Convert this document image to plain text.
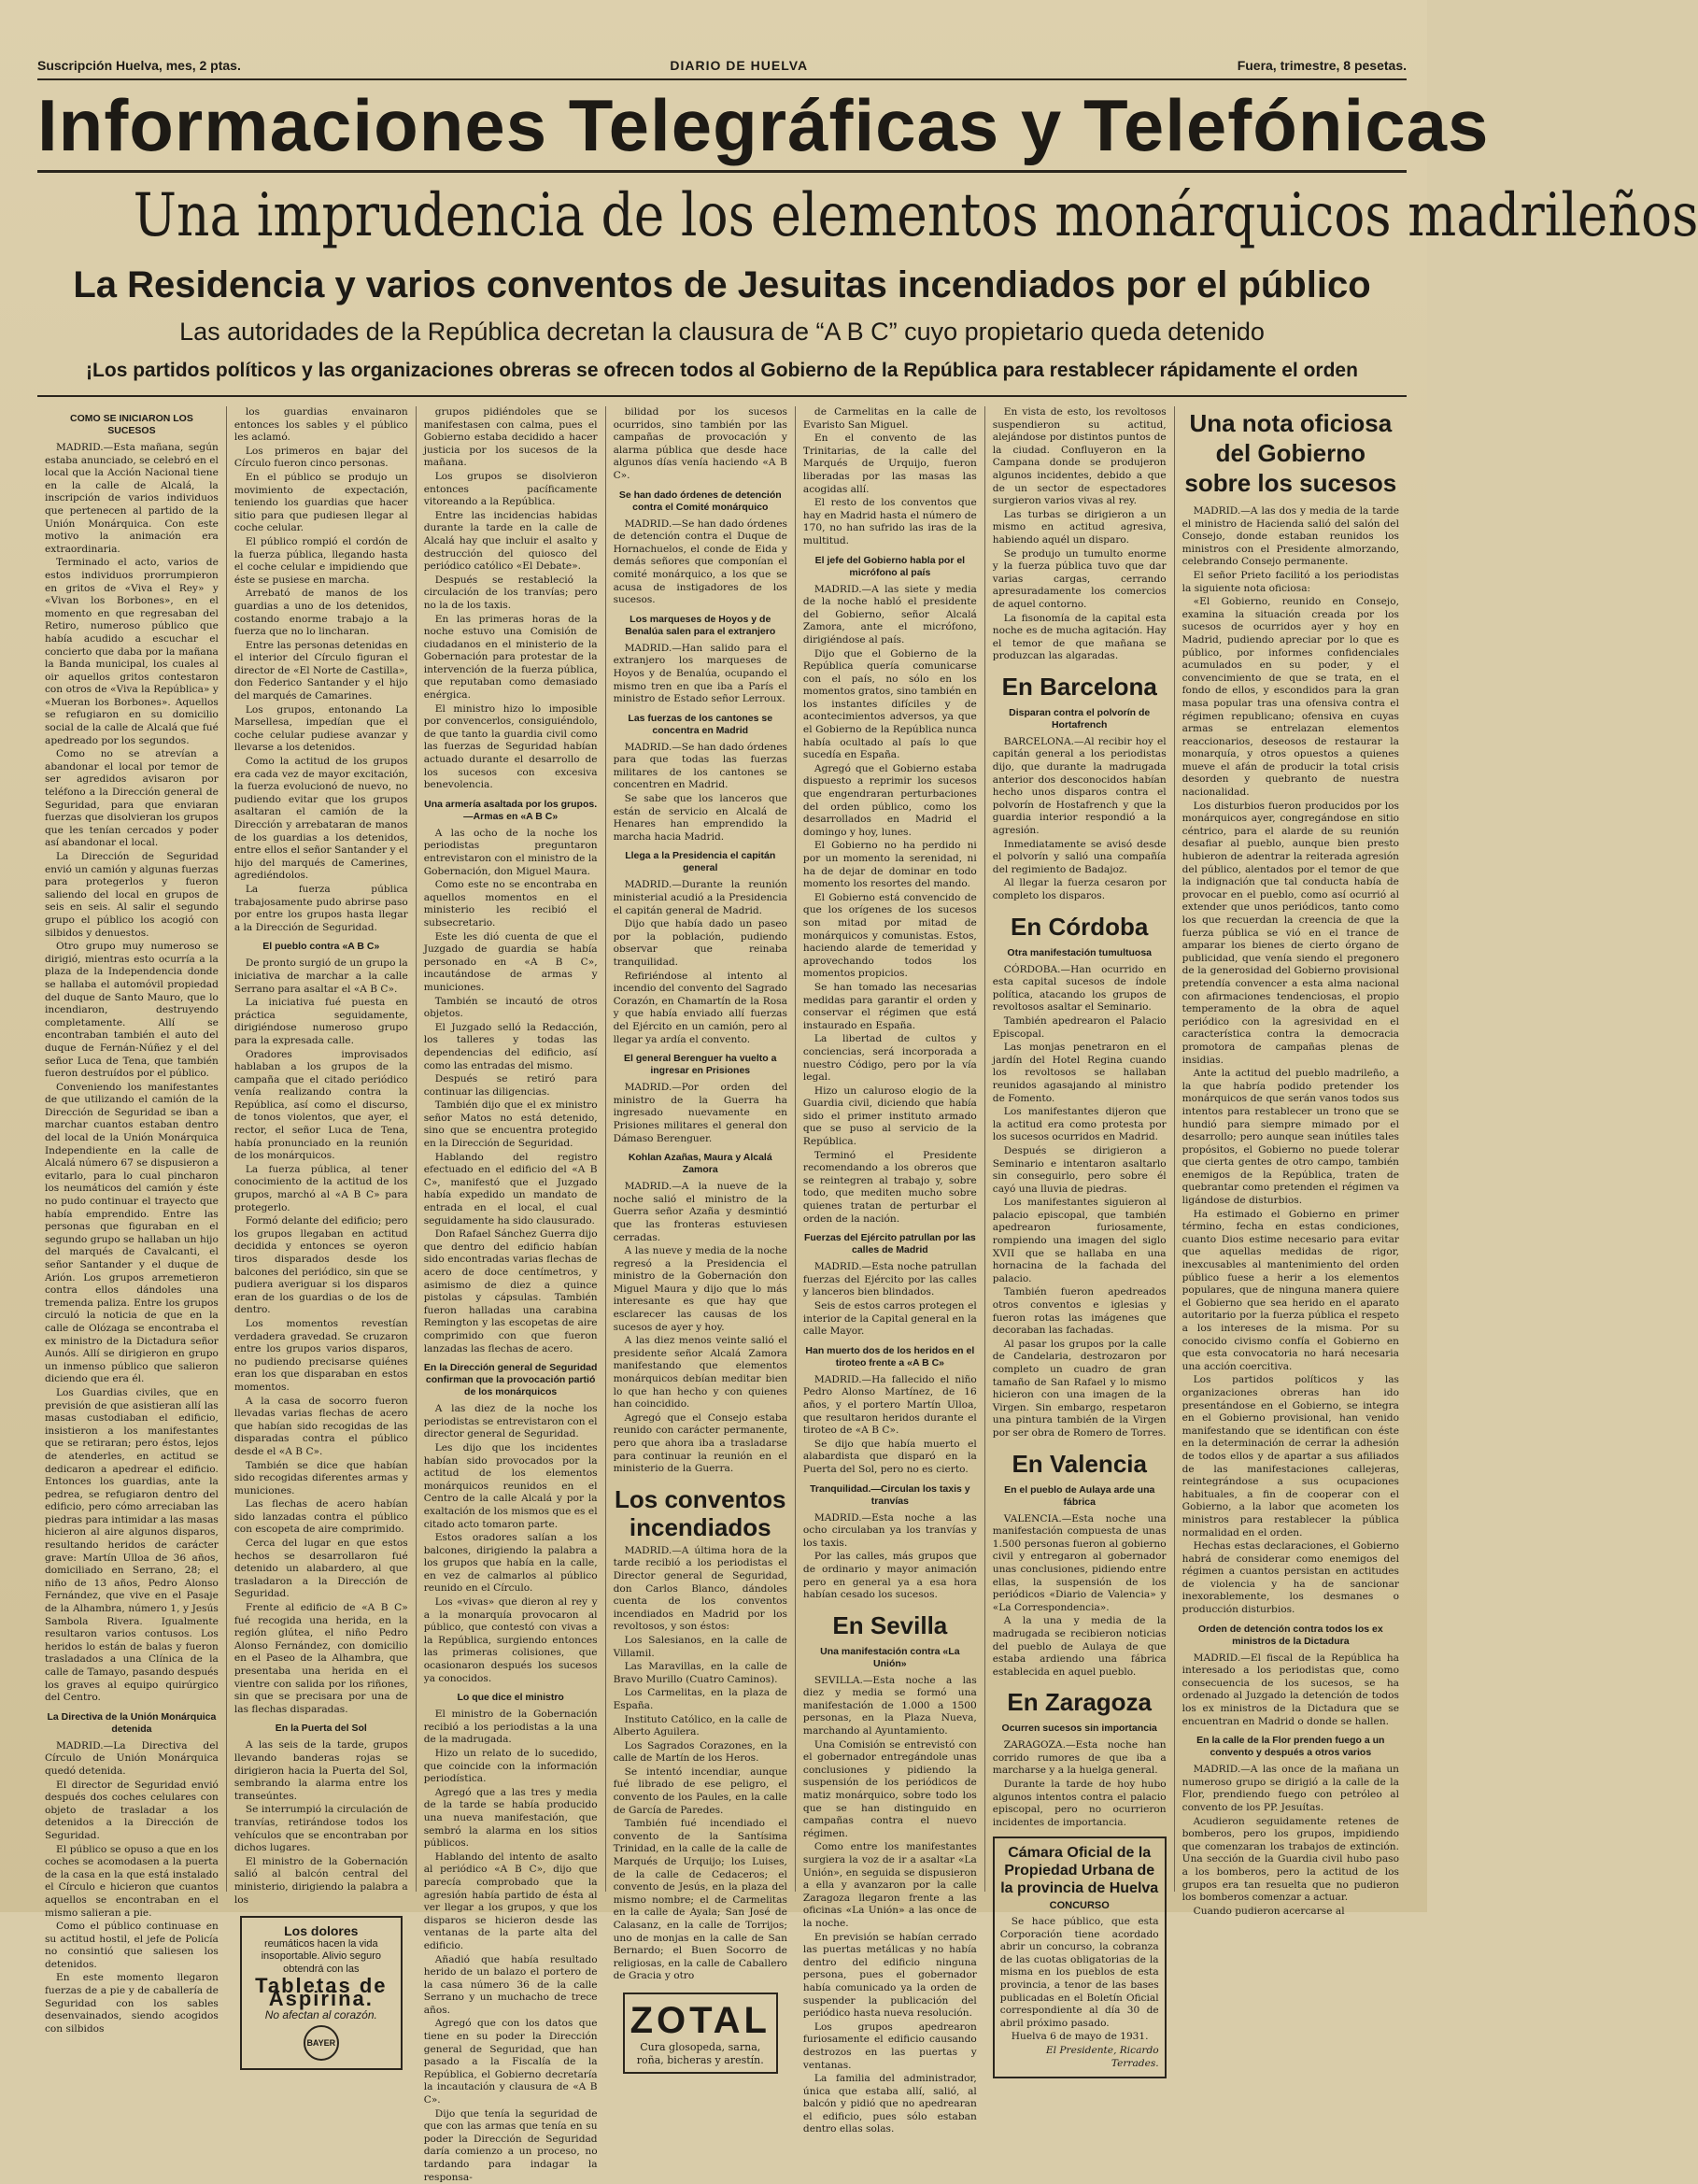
Suscripción Huelva, mes, 2 ptas.	DIARIO DE HUELVA	Fuera, trimestre, 8 pesetas.
Informaciones Telegráficas y Telefónicas
Una imprudencia de los elementos monárquicos madrileños
La Residencia y varios conventos de Jesuitas incendiados por el público
Las autoridades de la República decretan la clausura de “A B C” cuyo propietario queda detenido
¡Los partidos políticos y las organizaciones obreras se ofrecen todos al Gobierno de la República para restablecer rápidamente el orden
COMO SE INICIARON LOS SUCESOS

MADRID.—Esta mañana, según estaba anunciado, se celebró en el local que la Acción Nacional tiene en la calle de Alcalá, la inscripción de varios individuos que pertenecen al partido de la Unión Monárquica. Con este motivo la animación era extraordinaria.

Terminado el acto, varios de estos individuos prorrumpieron en gritos de «Viva el Rey» y «Vivan los Borbones», en el momento en que regresaban del Retiro, numeroso público que había acudido a escuchar el concierto que daba por la mañana la Banda municipal, los cuales al oir aquellos gritos contestaron con otros de «Viva la República» y «Mueran los Borbones». Aquellos se refugiaron en su domicilio social de la calle de Alcalá que fué apedreado por los segundos.

Como no se atrevían a abandonar el local por temor de ser agredidos avisaron por teléfono a la Dirección general de Seguridad, para que enviaran fuerzas que disolvieran los grupos que les tenían cercados y poder así abandonar el local.

La Dirección de Seguridad envió un camión y algunas fuerzas para protegerlos y fueron saliendo del local en grupos de seis en seis. Al salir el segundo grupo el público los acogió con silbidos y denuestos.

Otro grupo muy numeroso se dirigió, mientras esto ocurría a la plaza de la Independencia donde se hallaba el automóvil propiedad del duque de Santo Mauro, que lo incendiaron, destruyendo completamente. Allí se encontraban también el auto del duque de Fernán-Núñez y el del señor Luca de Tena, que también fueron destruídos por el público.

Conveniendo los manifestantes de que utilizando el camión de la Dirección de Seguridad se iban a marchar cuantos estaban dentro del local de la Unión Monárquica Independiente en la calle de Alcalá número 67 se dispusieron a evitarlo, para lo cual pincharon los neumáticos del camión y éste no pudo continuar el trayecto que había emprendido. Entre las personas que figuraban en el segundo grupo se hallaban un hijo del marqués de Cavalcanti, el señor Santander y el duque de Arión. Los grupos arremetieron contra ellos dándoles una tremenda paliza. Entre los grupos circuló la noticia de que en la calle de Olózaga se encontraba el ex ministro de la Dictadura señor Aunós. Allí se dirigieron en grupo un inmenso público que salieron diciendo que era él.

Los Guardias civiles, que en previsión de que asistieran allí las masas custodiaban el edificio, insistieron a los manifestantes que se retiraran; pero éstos, lejos de atenderles, en actitud se dedicaron a apedrear el edificio. Entonces los guardias, ante la pedrea, se refugiaron dentro del edificio, pero cómo arreciaban las piedras para intimidar a las masas hicieron al aire algunos disparos, resultando heridos de carácter grave: Martín Ulloa de 36 años, domiciliado en Serrano, 28; el niño de 13 años, Pedro Alonso Fernández, que vive en el Pasaje de la Alhambra, número 1, y Jesús Sambola Rivera. Igualmente resultaron varios contusos. Los heridos lo están de balas y fueron trasladados a una Clínica de la calle de Tamayo, pasando después los graves al equipo quirúrgico del Centro.

La Directiva de la Unión Monárquica detenida

MADRID.—La Directiva del Círculo de Unión Monárquica quedó detenida.

El director de Seguridad envió después dos coches celulares con objeto de trasladar a los detenidos a la Dirección de Seguridad.

El público se opuso a que en los coches se acomodasen a la puerta de la casa en la que está instalado el Círculo e hicieron que cuantos aquellos se encontraban en el mismo salieran a pie.

Como el público continuase en su actitud hostil, el jefe de Policía no consintió que saliesen los detenidos.

En este momento llegaron fuerzas de a pie y de caballería de Seguridad con los sables desenvainados, siendo acogidos con silbidos

los guardias envainaron entonces los sables y el público les aclamó.

Los primeros en bajar del Círculo fueron cinco personas.

En el público se produjo un movimiento de expectación, teniendo los guardias que hacer sitio para que pudiesen llegar al coche celular.

El público rompió el cordón de la fuerza pública, llegando hasta el coche celular e impidiendo que éste se pusiese en marcha.

Arrebató de manos de los guardias a uno de los detenidos, costando enorme trabajo a la fuerza que no lo lincharan.

Entre las personas detenidas en el interior del Círculo figuran el director de «El Norte de Castilla», don Federico Santander y el hijo del marqués de Camarines.

Los grupos, entonando La Marsellesa, impedían que el coche celular pudiese avanzar y llevarse a los detenidos.

Como la actitud de los grupos era cada vez de mayor excitación, la fuerza evolucionó de nuevo, no pudiendo evitar que los grupos asaltaran el camión de la Dirección y arrebataran de manos de los guardias a los detenidos, entre ellos el señor Santander y el hijo del marqués de Camerines, agrediéndolos.

La fuerza pública trabajosamente pudo abrirse paso por entre los grupos hasta llegar a la Dirección de Seguridad.

El pueblo contra «A B C»

De pronto surgió de un grupo la iniciativa de marchar a la calle Serrano para asaltar el «A B C».

La iniciativa fué puesta en práctica seguidamente, dirigiéndose numeroso grupo para la expresada calle.

Oradores improvisados hablaban a los grupos de la campaña que el citado periódico venía realizando contra la República, así como el discurso, de tonos violentos, que ayer, el rector, el señor Luca de Tena, había pronunciado en la reunión de los monárquicos.

La fuerza pública, al tener conocimiento de la actitud de los grupos, marchó al «A B C» para protegerlo.

Formó delante del edificio; pero los grupos llegaban en actitud decidida y entonces se oyeron tiros disparados desde los balcones del periódico, sin que se pudiera averiguar si los disparos eran de los guardias o de los de dentro.

Los momentos revestían verdadera gravedad. Se cruzaron entre los grupos varios disparos, no pudiendo precisarse quiénes eran los que disparaban en estos momentos.

A la casa de socorro fueron llevadas varias flechas de acero que habían sido recogidas de las disparadas contra el público desde el «A B C».

También se dice que habían sido recogidas diferentes armas y municiones.

Las flechas de acero habían sido lanzadas contra el público con escopeta de aire comprimido.

Cerca del lugar en que estos hechos se desarrollaron fué detenido un alabardero, al que trasladaron a la Dirección de Seguridad.

Frente al edificio de «A B C» fué recogida una herida, en la región glútea, el niño Pedro Alonso Fernández, con domicilio en el Paseo de la Alhambra, que presentaba una herida en el vientre con salida por los riñones, sin que se precisara por una de las flechas disparadas.

En la Puerta del Sol

A las seis de la tarde, grupos llevando banderas rojas se dirigieron hacia la Puerta del Sol, sembrando la alarma entre los transeúntes.

Se interrumpió la circulación de tranvías, retirándose todos los vehículos que se encontraban por dichos lugares.

El ministro de la Gobernación salió al balcón central del ministerio, dirigiendo la palabra a los

Los dolores
reumáticos hacen la vida insoportable. Alivio seguro obtendrá con las
Tabletas de Aspirina.
No afectan al corazón.
BAYER

grupos pidiéndoles que se manifestasen con calma, pues el Gobierno estaba decidido a hacer justicia por los sucesos de la mañana.

Los grupos se disolvieron entonces pacíficamente vitoreando a la República.

Entre las incidencias habidas durante la tarde en la calle de Alcalá hay que incluir el asalto y destrucción del quiosco del periódico católico «El Debate».

Después se restableció la circulación de los tranvías; pero no la de los taxis.

En las primeras horas de la noche estuvo una Comisión de ciudadanos en el ministerio de la Gobernación para protestar de la intervención de la fuerza pública, que reputaban como demasiado enérgica.

El ministro hizo lo imposible por convencerlos, consiguiéndolo, de que tanto la guardia civil como las fuerzas de Seguridad habían actuado durante el desarrollo de los sucesos con excesiva benevolencia.

Una armería asaltada por los grupos.—Armas en «A B C»

A las ocho de la noche los periodistas preguntaron entrevistaron con el ministro de la Gobernación, don Miguel Maura.

Como este no se encontraba en aquellos momentos en el ministerio les recibió el subsecretario.

Este les dió cuenta de que el Juzgado de guardia se había personado en «A B C», incautándose de armas y municiones.

También se incautó de otros objetos.

El Juzgado selló la Redacción, los talleres y todas las dependencias del edificio, así como las entradas del mismo.

Después se retiró para continuar las diligencias.

También dijo que el ex ministro señor Matos no está detenido, sino que se encuentra protegido en la Dirección de Seguridad.

Hablando del registro efectuado en el edificio del «A B C», manifestó que el Juzgado había expedido un mandato de entrada en el local, el cual seguidamente ha sido clausurado.

Don Rafael Sánchez Guerra dijo que dentro del edificio habían sido encontradas varias flechas de acero de doce centímetros, y asimismo de diez a quince pistolas y cápsulas. También fueron halladas una carabina Remington y las escopetas de aire comprimido con que fueron lanzadas las flechas de acero.

En la Dirección general de Seguridad confirman que la provocación partió de los monárquicos

A las diez de la noche los periodistas se entrevistaron con el director general de Seguridad.

Les dijo que los incidentes habían sido provocados por la actitud de los elementos monárquicos reunidos en el Centro de la calle Alcalá y por la exaltación de los mismos que es el citado acto tomaron parte.

Estos oradores salían a los balcones, dirigiendo la palabra a los grupos que había en la calle, en vez de calmarlos al público reunido en el Círculo.

Los «vivas» que dieron al rey y a la monarquía provocaron al público, que contestó con vivas a la República, surgiendo entonces las primeras colisiones, que ocasionaron después los sucesos ya conocidos.

Lo que dice el ministro

El ministro de la Gobernación recibió a los periodistas a la una de la madrugada.

Hizo un relato de lo sucedido, que coincide con la información periodística.

Agregó que a las tres y media de la tarde se había producido una nueva manifestación, que sembró la alarma en los sitios públicos.

Hablando del intento de asalto al periódico «A B C», dijo que parecía comprobado que la agresión había partido de ésta al ver llegar a los grupos, y que los disparos se hicieron desde las ventanas de la parte alta del edificio.

Añadió que había resultado herido de un balazo el portero de la casa número 36 de la calle Serrano y un muchacho de trece años.

Agregó que con los datos que tiene en su poder la Dirección general de Seguridad, que han pasado a la Fiscalía de la República, el Gobierno decretaría la incautación y clausura de «A B C».

Dijo que tenía la seguridad de que con las armas que tenía en su poder la Dirección de Seguridad daría comienzo a un proceso, no tardando para indagar la responsa-

bilidad por los sucesos ocurridos, sino también por las campañas de provocación y alarma pública que desde hace algunos días venía haciendo «A B C».

Se han dado órdenes de detención contra el Comité monárquico

MADRID.—Se han dado órdenes de detención contra el Duque de Hornachuelos, el conde de Eida y demás señores que componían el comité monárquico, a los que se acusa de instigadores de los sucesos.

Los marqueses de Hoyos y de Benalúa salen para el extranjero

MADRID.—Han salido para el extranjero los marqueses de Hoyos y de Benalúa, ocupando el mismo tren en que iba a París el ministro de Estado señor Lerroux.

Las fuerzas de los cantones se concentra en Madrid

MADRID.—Se han dado órdenes para que todas las fuerzas militares de los cantones se concentren en Madrid.

Se sabe que los lanceros que están de servicio en Alcalá de Henares han emprendido la marcha hacia Madrid.

Llega a la Presidencia el capitán general

MADRID.—Durante la reunión ministerial acudió a la Presidencia el capitán general de Madrid.

Dijo que había dado un paseo por la población, pudiendo observar que reinaba tranquilidad.

Refiriéndose al intento al incendio del convento del Sagrado Corazón, en Chamartín de la Rosa y que había enviado allí fuerzas del Ejército en un camión, pero al llegar ya ardía el convento.

El general Berenguer ha vuelto a ingresar en Prisiones

MADRID.—Por orden del ministro de la Guerra ha ingresado nuevamente en Prisiones militares el general don Dámaso Berenguer.

Kohlan Azañas, Maura y Alcalá Zamora

MADRID.—A la nueve de la noche salió el ministro de la Guerra señor Azaña y desmintió que las fronteras estuviesen cerradas.

A las nueve y media de la noche regresó a la Presidencia el ministro de la Gobernación don Miguel Maura y dijo que lo más interesante es que hay que esclarecer las causas de los sucesos de ayer y hoy.

A las diez menos veinte salió el presidente señor Alcalá Zamora manifestando que elementos monárquicos debían meditar bien lo que han hecho y con quienes han coincidido.

Agregó que el Consejo estaba reunido con carácter permanente, pero que ahora iba a trasladarse para continuar la reunión en el ministerio de la Guerra.

Los conventos incendiados

MADRID.—A última hora de la tarde recibió a los periodistas el Director general de Seguridad, don Carlos Blanco, dándoles cuenta de los conventos incendiados en Madrid por los revoltosos, y son éstos:

Los Salesianos, en la calle de Villamil.

Las Maravillas, en la calle de Bravo Murillo (Cuatro Caminos).

Los Carmelitas, en la plaza de España.

Instituto Católico, en la calle de Alberto Aguilera.

Los Sagrados Corazones, en la calle de Martín de los Heros.

Se intentó incendiar, aunque fué librado de ese peligro, el convento de los Paules, en la calle de García de Paredes.

También fué incendiado el convento de la Santísima Trinidad, en la calle de la calle de Marqués de Urquijo; los Luises, de la calle de Cedaceros; el convento de Jesús, en la plaza del mismo nombre; el de Carmelitas en la calle de Ayala; San José de Calasanz, en la calle de Torrijos; uno de monjas en la calle de San Bernardo; el Buen Socorro de religiosas, en la calle de Caballero de Gracia y otro

ZOTAL
Cura glosopeda, sarna, roña, bicheras y arestín.

de Carmelitas en la calle de Evaristo San Miguel.

En el convento de las Trinitarias, de la calle del Marqués de Urquijo, fueron liberadas por las masas las acogidas allí.

El resto de los conventos que hay en Madrid hasta el número de 170, no han sufrido las iras de la multitud.

El jefe del Gobierno habla por el micrófono al país

MADRID.—A las siete y media de la noche habló el presidente del Gobierno, señor Alcalá Zamora, ante el micrófono, dirigiéndose al país.

Dijo que el Gobierno de la República quería comunicarse con el país, no sólo en los momentos gratos, sino también en los instantes difíciles y de acontecimientos adversos, ya que el Gobierno de la República nunca había ocultado al país lo que sucedía en España.

Agregó que el Gobierno estaba dispuesto a reprimir los sucesos que engendraran perturbaciones del orden público, como los desarrollados en Madrid el domingo y hoy, lunes.

El Gobierno no ha perdido ni por un momento la serenidad, ni ha de dejar de dominar en todo momento los resortes del mando.

El Gobierno está convencido de que los orígenes de los sucesos son mitad por mitad de monárquicos y comunistas. Estos, haciendo alarde de temeridad y aprovechando todos los momentos propicios.

Se han tomado las necesarias medidas para garantir el orden y conservar el régimen que está instaurado en España.

La libertad de cultos y conciencias, será incorporada a nuestro Código, pero por la vía legal.

Hizo un caluroso elogio de la Guardia civil, diciendo que había sido el primer instituto armado que se puso al servicio de la República.

Terminó el Presidente recomendando a los obreros que se reintegren al trabajo y, sobre todo, que mediten mucho sobre quienes tratan de perturbar el orden de la nación.

Fuerzas del Ejército patrullan por las calles de Madrid

MADRID.—Esta noche patrullan fuerzas del Ejército por las calles y lanceros bien blindados.

Seis de estos carros protegen el interior de la Capital general en la calle Mayor.

Han muerto dos de los heridos en el tiroteo frente a «A B C»

MADRID.—Ha fallecido el niño Pedro Alonso Martínez, de 16 años, y el portero Martín Ulloa, que resultaron heridos durante el tiroteo de «A B C».

Se dijo que había muerto el alabardista que disparó en la Puerta del Sol, pero no es cierto.

Tranquilidad.—Circulan los taxis y tranvías

MADRID.—Esta noche a las ocho circulaban ya los tranvías y los taxis.

Por las calles, más grupos que de ordinario y mayor animación pero en general ya a esa hora habían cesado los sucesos.

En Sevilla
Una manifestación contra «La Unión»

SEVILLA.—Esta noche a las diez y media se formó una manifestación de 1.000 a 1500 personas, en la Plaza Nueva, marchando al Ayuntamiento.

Una Comisión se entrevistó con el gobernador entregándole unas conclusiones y pidiendo la suspensión de los periódicos de matiz monárquico, sobre todo los que se han distinguido en campañas contra el nuevo régimen.

Como entre los manifestantes surgiera la voz de ir a asaltar «La Unión», en seguida se dispusieron a ella y avanzaron por la calle Zaragoza llegaron frente a las oficinas «La Unión» a las once de la noche.

En previsión se habían cerrado las puertas metálicas y no había dentro del edificio ninguna persona, pues el gobernador había comunicado ya la orden de suspender la publicación del periódico hasta nueva resolución.

Los grupos apedrearon furiosamente el edificio causando destrozos en las puertas y ventanas.

La familia del administrador, única que estaba allí, salió, al balcón y pidió que no apedrearan el edificio, pues sólo estaban dentro ellas solas.

En vista de esto, los revoltosos suspendieron su actitud, alejándose por distintos puntos de la ciudad. Confluyeron en la Campana donde se produjeron algunos incidentes, debido a que de un sector de espectadores surgieron varios vivas al rey.

Las turbas se dirigieron a un mismo en actitud agresiva, habiendo aquél un disparo.

Se produjo un tumulto enorme y la fuerza pública tuvo que dar varias cargas, cerrando apresuradamente los comercios de aquel contorno.

La fisonomía de la capital esta noche es de mucha agitación. Hay el temor de que mañana se produzcan las algaradas.

En Barcelona
Disparan contra el polvorín de Hortafrench

BARCELONA.—Al recibir hoy el capitán general a los periodistas dijo, que durante la madrugada anterior dos desconocidos habían hecho unos disparos contra el polvorín de Hostafrench y que la guardia interior respondió a la agresión.

Inmediatamente se avisó desde el polvorín y salió una compañía del regimiento de Badajoz.

Al llegar la fuerza cesaron por completo los disparos.

En Córdoba
Otra manifestación tumultuosa

CÓRDOBA.—Han ocurrido en esta capital sucesos de índole política, atacando los grupos de revoltosos asaltar el Seminario.

También apedrearon el Palacio Episcopal.

Las monjas penetraron en el jardín del Hotel Regina cuando los revoltosos se hallaban reunidos agasajando al ministro de Fomento.

Los manifestantes dijeron que la actitud era como protesta por los sucesos ocurridos en Madrid.

Después se dirigieron a Seminario e intentaron asaltarlo sin conseguirlo, pero sobre él cayó una lluvia de piedras.

Los manifestantes siguieron al palacio episcopal, que también apedrearon furiosamente, rompiendo una imagen del siglo XVII que se hallaba en una hornacina de la fachada del palacio.

También fueron apedreados otros conventos e iglesias y fueron rotas las imágenes que decoraban las fachadas.

Al pasar los grupos por la calle de Candelaria, destrozaron por completo un cuadro de gran tamaño de San Rafael y lo mismo hicieron con una imagen de la Virgen. Sin embargo, respetaron una pintura también de la Virgen por ser obra de Romero de Torres.

En Valencia
En el pueblo de Aulaya arde una fábrica

VALENCIA.—Esta noche una manifestación compuesta de unas 1.500 personas fueron al gobierno civil y entregaron al gobernador unas conclusiones, pidiendo entre ellas, la suspensión de los periódicos «Diario de Valencia» y «La Correspondencia».

A la una y media de la madrugada se recibieron noticias del pueblo de Aulaya de que estaba ardiendo una fábrica establecida en aquel pueblo.

En Zaragoza
Ocurren sucesos sin importancia

ZARAGOZA.—Esta noche han corrido rumores de que iba a marcharse y a la huelga general.

Durante la tarde de hoy hubo algunos intentos contra el palacio episcopal, pero no ocurrieron incidentes de importancia.

Cámara Oficial de la Propiedad Urbana de la provincia de Huelva
CONCURSO

Se hace público, que esta Corporación tiene acordado abrir un concurso, la cobranza de las cuotas obligatorias de la misma en los pueblos de esta provincia, a tenor de las bases publicadas en el Boletín Oficial correspondiente al día 30 de abril próximo pasado.

Huelva 6 de mayo de 1931.

El Presidente, Ricardo Terrades.

Una nota oficiosa del Gobierno sobre los sucesos

MADRID.—A las dos y media de la tarde el ministro de Hacienda salió del salón del Consejo, donde estaban reunidos los ministros con el Presidente almorzando, celebrando Consejo permanente.

El señor Prieto facilitó a los periodistas la siguiente nota oficiosa:

«El Gobierno, reunido en Consejo, examina la situación creada por los sucesos de ocurridos ayer y hoy en Madrid, pudiendo apreciar por lo que es público, por informes confidenciales acumulados en su poder, y el convencimiento de que se trata, en el fondo de ellos, y escondidos para la gran masa popular tras una ofensiva contra el régimen republicano; ofensiva en cuyas armas se entrelazan elementos reaccionarios, deseosos de restaurar la monarquía, y otros opuestos a quienes mueve el afán de producir la total crisis desorden y quebranto de nuestra nacionalidad.

Los disturbios fueron producidos por los monárquicos ayer, congregándose en sitio céntrico, para el alarde de su reunión desafiar al pueblo, aunque bien presto hubieron de adentrar la reiterada agresión del público, alentados por el temor de que la indignación que tal conducta había de provocar en el pueblo, como así ocurrió al extender que unos periódicos, tanto como los que recuerdan la creencia de que la fuerza pública se vió en el trance de amparar los bienes de cierto órgano de publicidad, que venía siendo el pregonero de la generosidad del Gobierno provisional pretendía convencer a esta alma nacional con afirmaciones tendenciosas, el propio temperamento de la obra de aquel periódico con la agresividad en el característica contra la democracia promotora de campañas plenas de insidias.

Ante la actitud del pueblo madrileño, a la que habría podido pretender los monárquicos de que serán vanos todos sus intentos para restablecer un trono que se hundió para siempre mimado por el desarrollo; pero aunque sean inútiles tales propósitos, el Gobierno no puede tolerar que cierta gentes de otro campo, también enemigos de la República, traten de quebrantar como pretenden el régimen va ligándose de disturbios.

Ha estimado el Gobierno en primer término, fecha en estas condiciones, cuanto Dios estime necesario para evitar que aquellas medidas de rigor, inexcusables al mantenimiento del orden público fuese a herir a los elementos populares, que de ninguna manera quiere el Gobierno que sea herido en el aparato autoritario por la fuerza pública el respeto a los intereses de la misma. Por su conocido civismo confía el Gobierno en que esta convocatoria no hará necesaria una acción coercitiva.

Los partidos políticos y las organizaciones obreras han ido presentándose en el Gobierno, se integra en el Gobierno provisional, han venido manifestando que se identifican con éste en la determinación de cerrar la adhesión de todos ellos y de apartar a sus afiliados de las manifestaciones callejeras, reintegrándose a sus ocupaciones habituales, a fin de cooperar con el Gobierno, a la labor que acometen los ministros para restablecer la pública normalidad en el orden.

Hechas estas declaraciones, el Gobierno habrá de considerar como enemigos del régimen a cuantos persistan en actitudes de violencia y ha de sancionar inexorablemente, los desmanes o producción disturbios.

Orden de detención contra todos los ex ministros de la Dictadura

MADRID.—El fiscal de la República ha interesado a los periodistas que, como consecuencia de los sucesos, se ha ordenado al Juzgado la detención de todos los ex ministros de la Dictadura que se encuentran en Madrid o donde se hallen.

En la calle de la Flor prenden fuego a un convento y después a otros varios

MADRID.—A las once de la mañana un numeroso grupo se dirigió a la calle de la Flor, prendiendo fuego con petróleo al convento de los PP. Jesuítas.

Acudieron seguidamente retenes de bomberos, pero los grupos, impidiendo que comenzaran los trabajos de extinción. Una sección de la Guardia civil hubo paso a los bomberos, pero la actitud de los grupos era tan resuelta que no pudieron los bomberos comenzar a actuar.

Cuando pudieron acercarse al
